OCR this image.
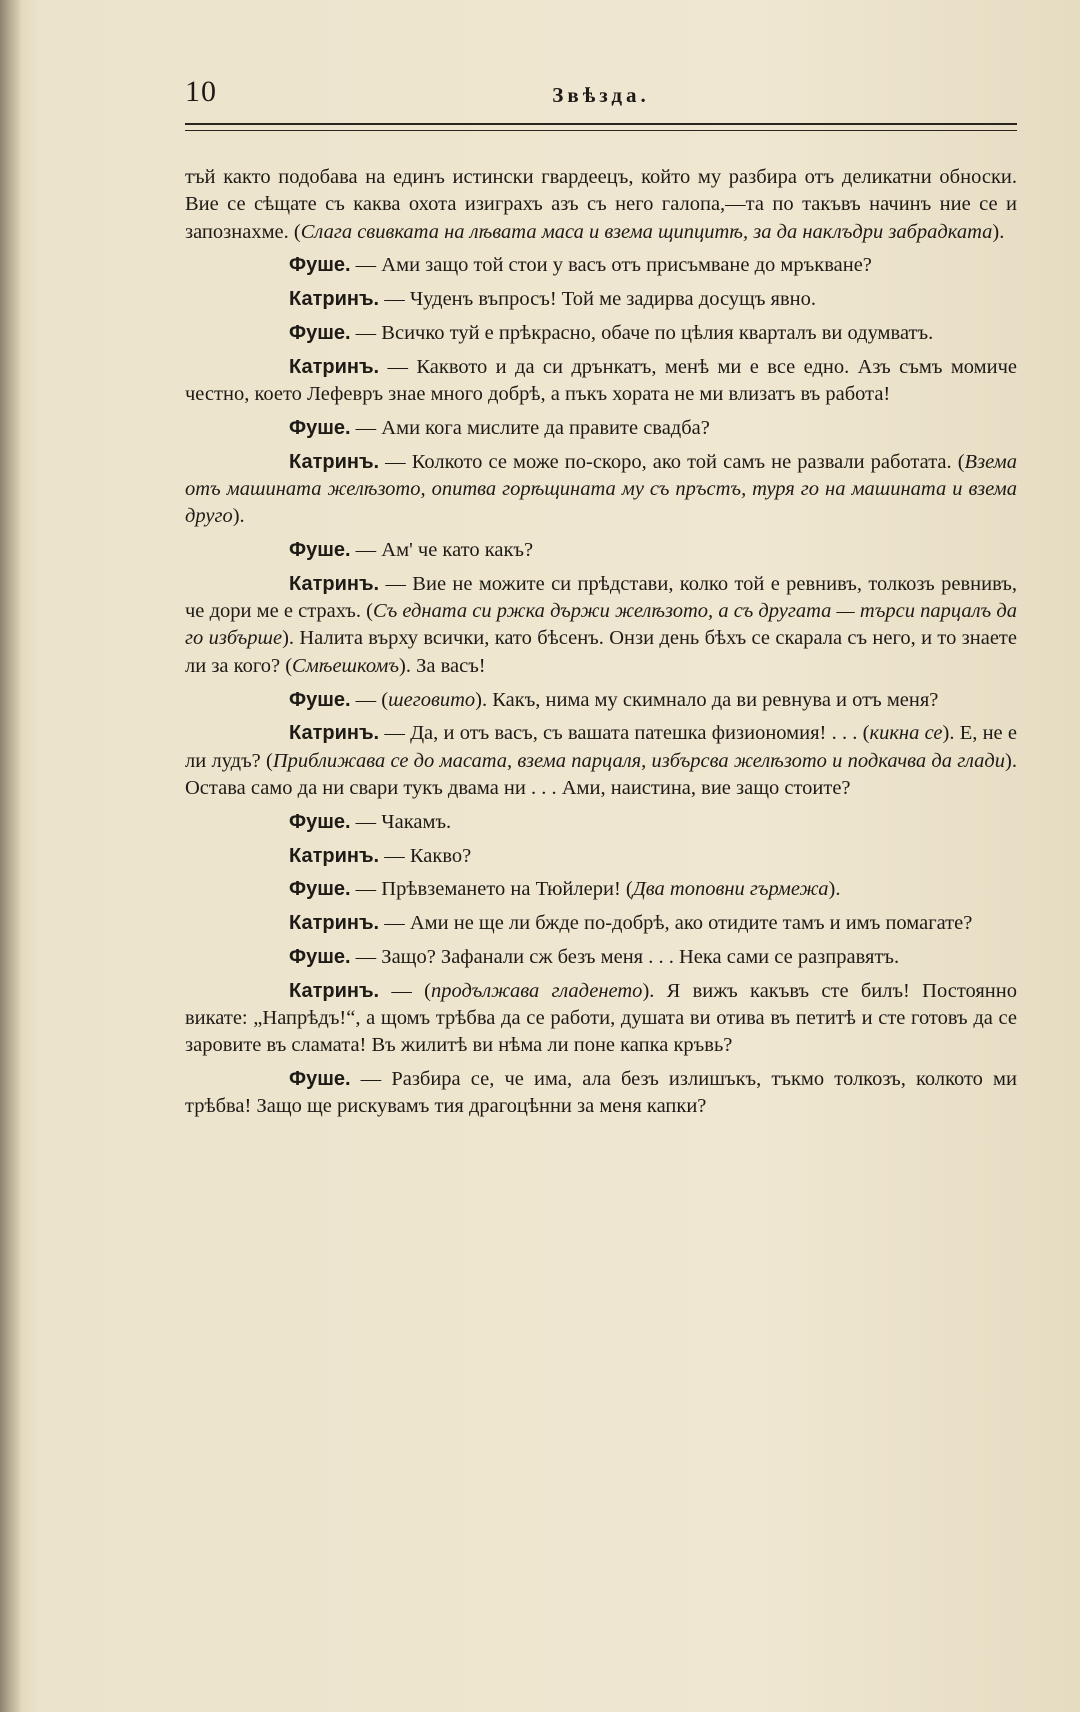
10	Звѣзда.

тъй както подобава на единъ истински гвардеецъ, който му разбира отъ деликатни обноски. Вие се сѣщате съ каква охота изиграхъ азъ съ него галопа,—та по такъвъ начинъ ние се и запознахме. (Слага свивката на лѣвата маса и взема щипцитѣ, за да наклъдри забрадката).

Фуше. — Ами защо той стои у васъ отъ присъмване до мръкване?

Катринъ. — Чуденъ въпросъ! Той ме задирва досущъ явно.

Фуше. — Всичко туй е прѣкрасно, обаче по цѣлия кварталъ ви одумватъ.

Катринъ. — Каквото и да си дрънкатъ, менѣ ми е все едно. Азъ съмъ момиче честно, което Лефевръ знае много добрѣ, а пъкъ хората не ми влизатъ въ работа!

Фуше. — Ами кога мислите да правите свадба?

Катринъ. — Колкото се може по-скоро, ако той самъ не развали работата. (Взема отъ машината желѣзото, опитва горѣщината му съ пръстъ, туря го на машината и взема друго).

Фуше. — Ам' че като какъ?

Катринъ. — Вие не можите си прѣдстави, колко той е ревнивъ, толкозъ ревнивъ, че дори ме е страхъ. (Съ едната си ржка държи желѣзото, а съ другата — търси парцалъ да го избърше). Налита върху всички, като бѣсенъ. Онзи день бѣхъ се скарала съ него, и то знаете ли за кого? (Смѣешкомъ). За васъ!

Фуше. — (шеговито). Какъ, нима му скимнало да ви ревнува и отъ меня?

Катринъ. — Да, и отъ васъ, съ вашата патешка физиономия! . . . (кикна се). Е, не е ли лудъ? (Приближава се до масата, взема парцаля, избърсва желѣзото и подкачва да глади). Остава само да ни свари тукъ двама ни . . . Ами, наистина, вие защо стоите?

Фуше. — Чакамъ.

Катринъ. — Какво?

Фуше. — Прѣвземането на Тюйлери! (Два топовни гърмежа).

Катринъ. — Ами не ще ли бжде по-добрѣ, ако отидите тамъ и имъ помагате?

Фуше. — Защо? Зафанали сж безъ меня . . . Нека сами се разправятъ.

Катринъ. — (продължава гладенето). Я вижъ какъвъ сте билъ! Постоянно викате: „Напрѣдъ!“, а щомъ трѣбва да се работи, душата ви отива въ петитѣ и сте готовъ да се заровите въ сламата! Въ жилитѣ ви нѣма ли поне капка кръвь?

Фуше. — Разбира се, че има, ала безъ излишъкъ, тъкмо толкозъ, колкото ми трѣбва! Защо ще рискувамъ тия драгоцѣнни за меня капки?
